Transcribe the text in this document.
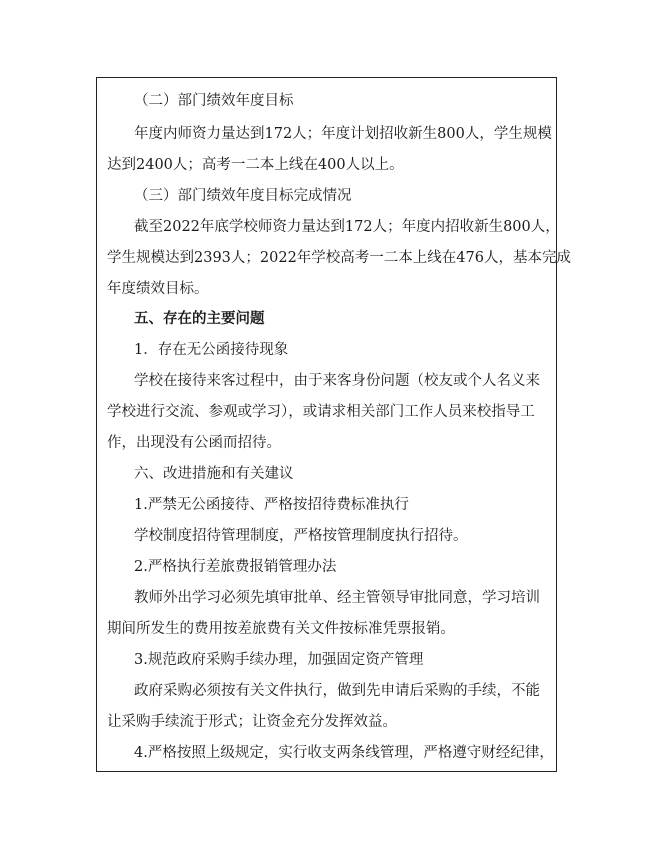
（二）部门绩效年度目标
年度内师资力量达到172人；年度计划招收新生800人，学生规模
达到2400人；高考一二本上线在400人以上。
（三）部门绩效年度目标完成情况
截至2022年底学校师资力量达到172人；年度内招收新生800人，
学生规模达到2393人；2022年学校高考一二本上线在476人，基本完成
年度绩效目标。
五、存在的主要问题
1．存在无公函接待现象
学校在接待来客过程中，由于来客身份问题（校友或个人名义来
学校进行交流、参观或学习），或请求相关部门工作人员来校指导工
作，出现没有公函而招待。
六、改进措施和有关建议
1.严禁无公函接待、严格按招待费标准执行
学校制度招待管理制度，严格按管理制度执行招待。
2.严格执行差旅费报销管理办法
教师外出学习必须先填审批单、经主管领导审批同意，学习培训
期间所发生的费用按差旅费有关文件按标准凭票报销。
3.规范政府采购手续办理，加强固定资产管理
政府采购必须按有关文件执行，做到先申请后采购的手续，不能
让采购手续流于形式；让资金充分发挥效益。
4.严格按照上级规定，实行收支两条线管理，严格遵守财经纪律，
